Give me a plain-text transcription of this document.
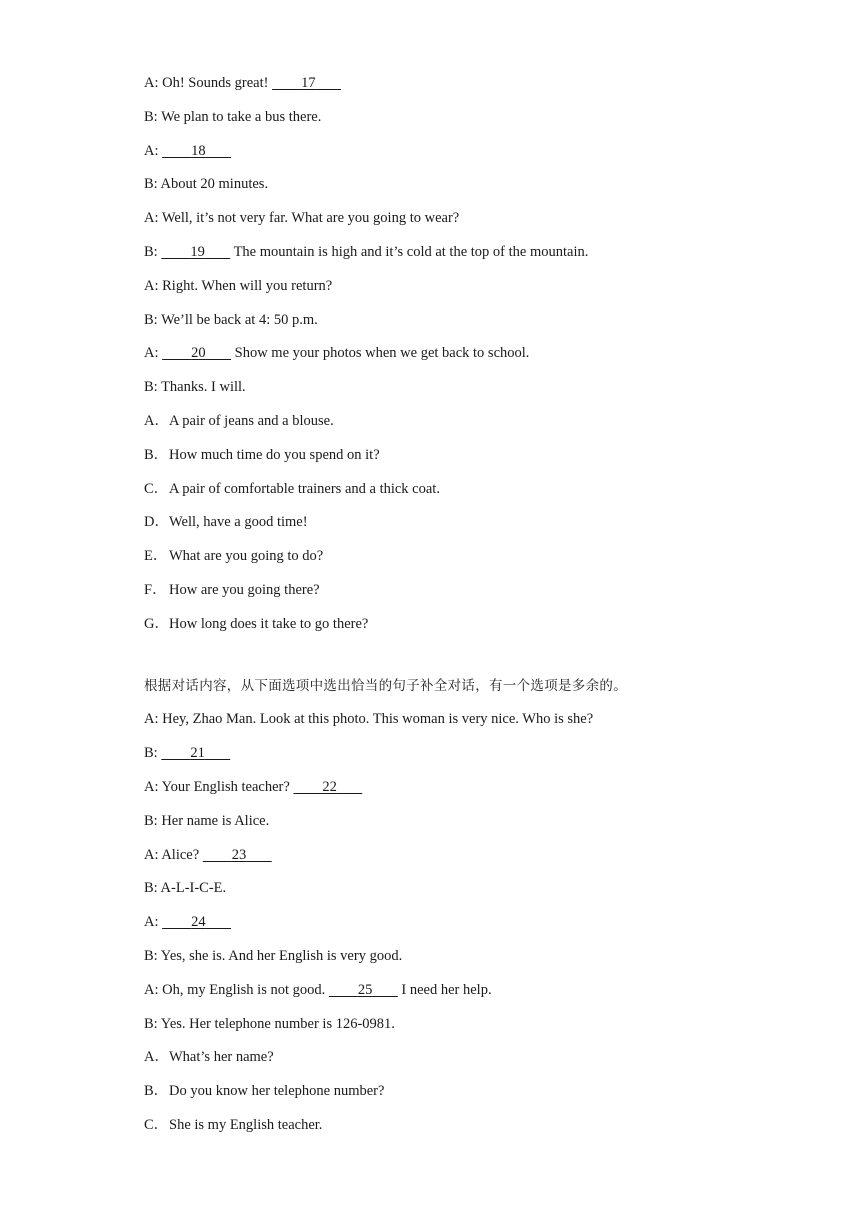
A: Oh! Sounds great!      17    
B: We plan to take a bus there.
A:      18    
B: About 20 minutes.
A: Well, it’s not very far. What are you going to wear?
B:      19     The mountain is high and it’s cold at the top of the mountain.
A: Right. When will you return?
B: We’ll be back at 4: 50 p.m.
A:      20     Show me your photos when we get back to school.
B: Thanks. I will.
A．A pair of jeans and a blouse.
B．How much time do you spend on it?
C．A pair of comfortable trainers and a thick coat.
D．Well, have a good time!
E． What are you going to do?
F． How are you going there?
G．How long does it take to go there?
根据对话内容，从下面选项中选出恰当的句子补全对话，有一个选项是多余的。
A: Hey, Zhao Man. Look at this photo. This woman is very nice. Who is she?
B:      21    
A: Your English teacher?      22    
B: Her name is Alice.
A: Alice?      23    
B: A-L-I-C-E.
A:      24    
B: Yes, she is. And her English is very good.
A: Oh, my English is not good.      25     I need her help.
B: Yes. Her telephone number is 126-0981.
A．What’s her name?
B．Do you know her telephone number?
C．She is my English teacher.
